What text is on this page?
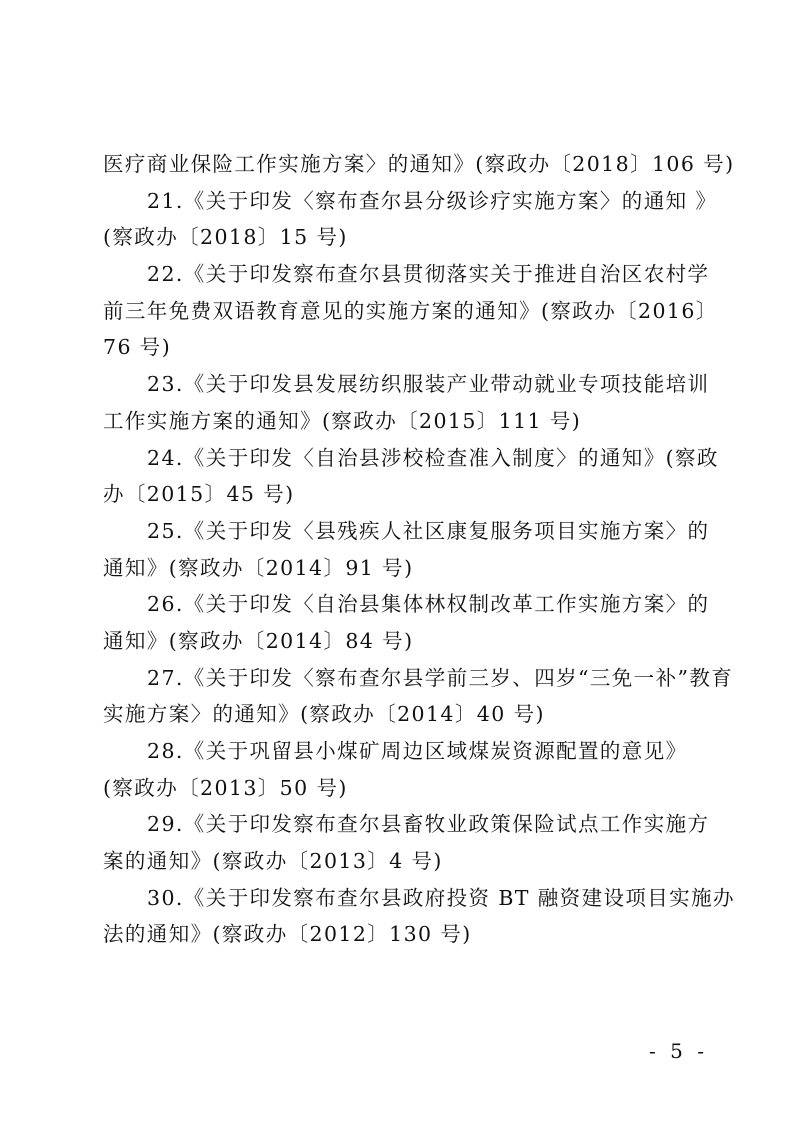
医疗商业保险工作实施方案〉的通知》(察政办〔2018〕106 号)
21.《关于印发〈察布查尔县分级诊疗实施方案〉的通知 》
(察政办〔2018〕15 号)
22.《关于印发察布查尔县贯彻落实关于推进自治区农村学
前三年免费双语教育意见的实施方案的通知》(察政办〔2016〕
76 号)
23.《关于印发县发展纺织服装产业带动就业专项技能培训
工作实施方案的通知》(察政办〔2015〕111 号)
24.《关于印发〈自治县涉校检查准入制度〉的通知》(察政
办〔2015〕45 号)
25.《关于印发〈县残疾人社区康复服务项目实施方案〉的
通知》(察政办〔2014〕91 号)
26.《关于印发〈自治县集体林权制改革工作实施方案〉的
通知》(察政办〔2014〕84 号)
27.《关于印发〈察布查尔县学前三岁、四岁“三免一补”教育
实施方案〉的通知》(察政办〔2014〕40 号)
28.《关于巩留县小煤矿周边区域煤炭资源配置的意见》
(察政办〔2013〕50 号)
29.《关于印发察布查尔县畜牧业政策保险试点工作实施方
案的通知》(察政办〔2013〕4 号)
30.《关于印发察布查尔县政府投资 BT 融资建设项目实施办
法的通知》(察政办〔2012〕130 号)
- 5 -
